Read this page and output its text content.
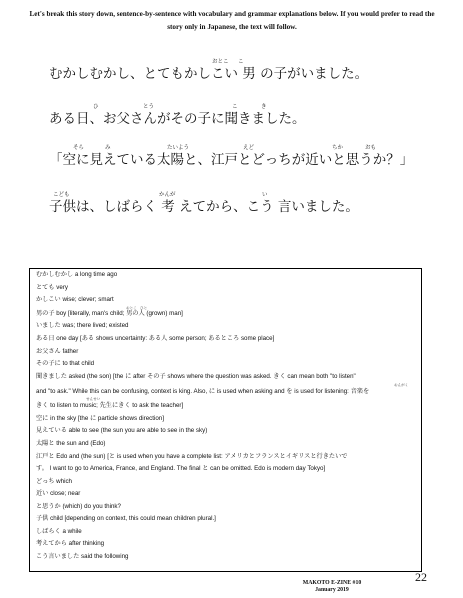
Let's break this story down, sentence-by-sentence with vocabulary and grammar explanations below. If you would prefer to read the story only in Japanese, the text will follow.
おとこ こ
むかしむかし、とてもかしこい 男 の子がいました。
ひ	とう	こ	き
ある日、お父さんがその子に聞きました。
そら	み	たいよう	えど	ちか	おも
「空に見えている太陽と、江戸とどっちが近いと思うか？」
こども	かんが	い
子供は、しばらく 考 えてから、こう 言いました。
むかしむかし a long time ago
とても very
かしこい wise; clever; smart
おとこ ひと
男の子 boy [literally, man's child; 男の人 (grown) man]
いました was; there lived; existed
ある日 one day [ある shows uncertainty: ある人 some person; あるところ some place]
お父さん father
その子に to that child
聞きました asked (the son) [the に after その子 shows where the question was asked. きく can mean both "to listen"
おんがく
and "to ask." While this can be confusing, context is king. Also, に is used when asking and を is used for listening: 音楽を
せんせい
きく to listen to music; 先生にきく to ask the teacher]
空に in the sky [the に particle shows direction]
見えている able to see (the sun you are able to see in the sky)
太陽と the sun and (Edo)
江戸と Edo and (the sun) [と is used when you have a complete list: アメリカとフランスとイギリスと行きたいで
す。 I want to go to America, France, and England. The final と can be omitted. Edo is modern day Tokyo]
どっち which
近い close; near
と思うか (which) do you think?
子供 child [depending on context, this could mean children plural.]
しばらく a while
考えてから after thinking
こう言いました said the following
MAKOTO E-ZINE #10
January 2019
22
